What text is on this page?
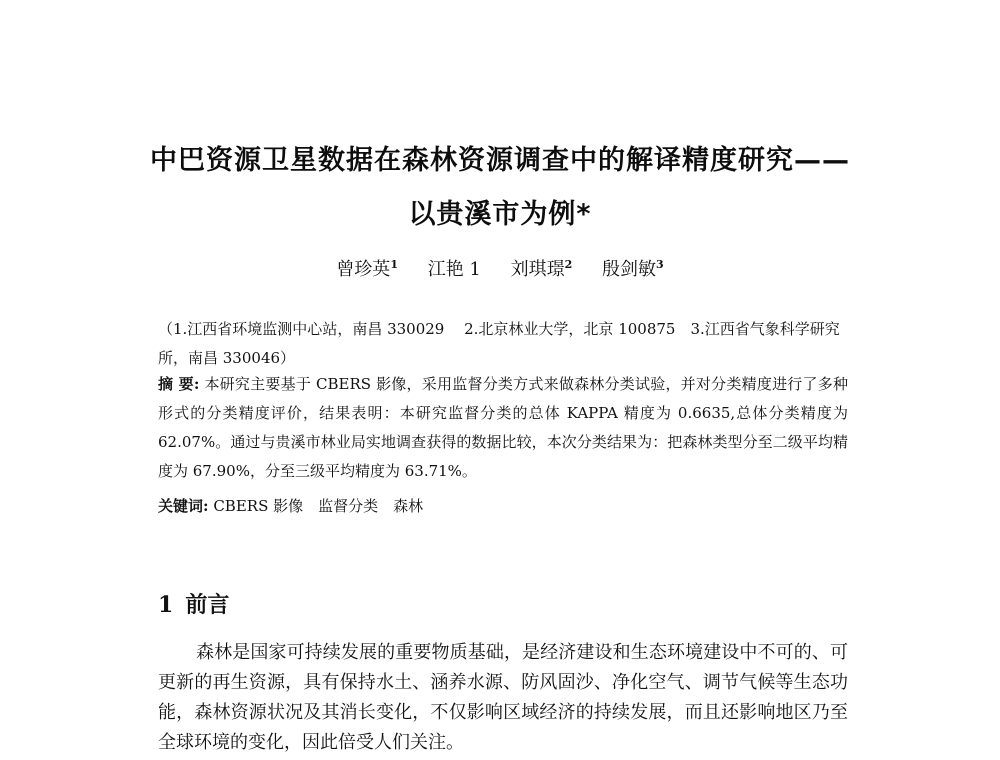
中巴资源卫星数据在森林资源调查中的解译精度研究——
以贵溪市为例*
曾珍英$^1$ 江艳 1 刘琪璟$^2$ 殷剑敏$^3$
（1.江西省环境监测中心站，南昌 330029　 2.北京林业大学，北京 100875　3.江西省气象科学研究所，南昌 330046）
摘 要: 本研究主要基于 CBERS 影像，采用监督分类方式来做森林分类试验，并对分类精度进行了多种形式的分类精度评价，结果表明：本研究监督分类的总体 KAPPA 精度为 0.6635,总体分类精度为 62.07%。通过与贵溪市林业局实地调查获得的数据比较，本次分类结果为：把森林类型分至二级平均精度为 67.90%，分至三级平均精度为 63.71%。
关键词: CBERS 影像　监督分类　森林
1 前言
森林是国家可持续发展的重要物质基础，是经济建设和生态环境建设中不可的、可更新的再生资源，具有保持水土、涵养水源、防风固沙、净化空气、调节气候等生态功能，森林资源状况及其消长变化，不仅影响区域经济的持续发展，而且还影响地区乃至全球环境的变化，因此倍受人们关注。
